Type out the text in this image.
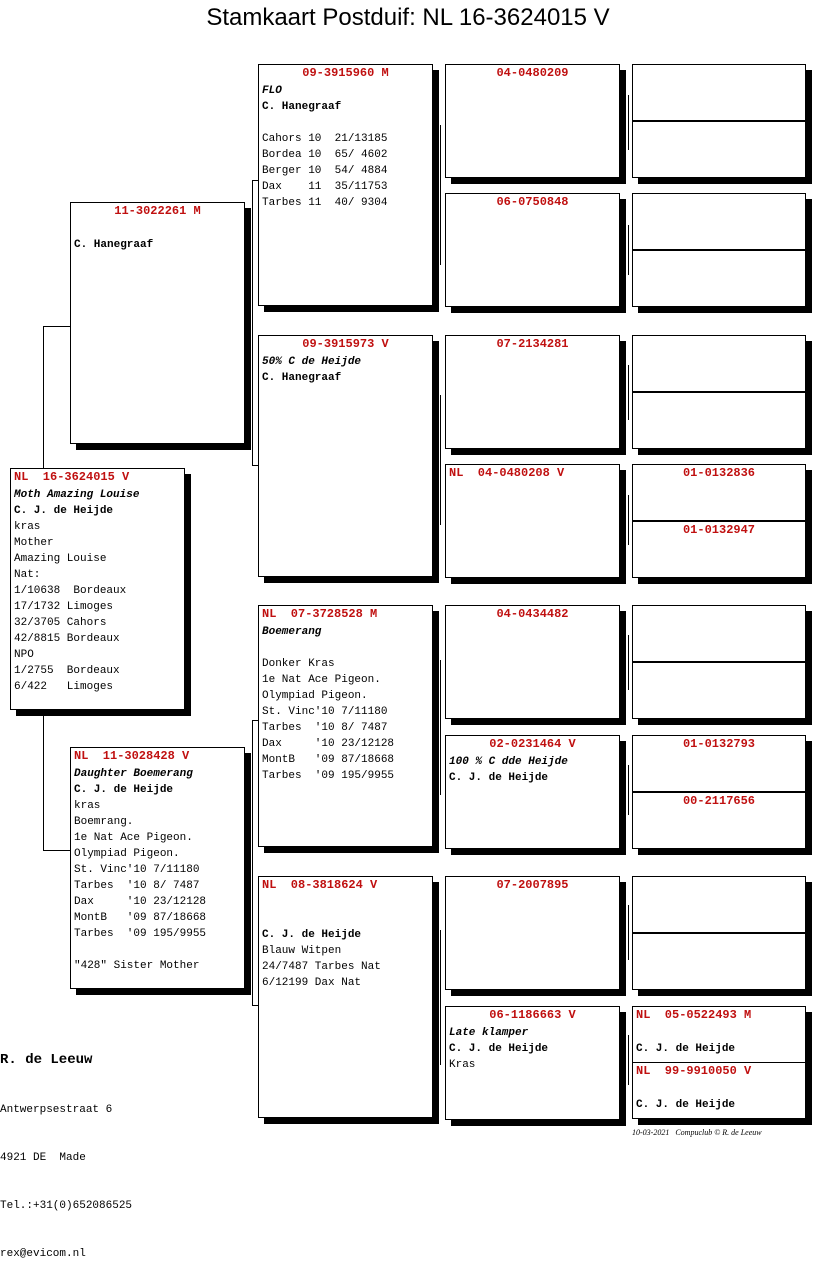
Stamkaart Postduif: NL 16-3624015 V
NL  16-3624015 V
Moth Amazing Louise
C. J. de Heijde
kras
Mother
Amazing Louise
Nat:
1/10638  Bordeaux
17/1732 Limoges
32/3705 Cahors
42/8815 Bordeaux
NPO
1/2755  Bordeaux
6/422   Limoges
11-3022261 M

C. Hanegraaf
NL  11-3028428 V
Daughter Boemerang
C. J. de Heijde
kras
Boemrang.
1e Nat Ace Pigeon.
Olympiad Pigeon.
St. Vinc'10 7/11180
Tarbes  '10 8/ 7487
Dax     '10 23/12128
MontB   '09 87/18668
Tarbes  '09 195/9955

"428" Sister Mother
09-3915960 M
FLO
C. Hanegraaf

Cahors 10  21/13185
Bordea 10  65/ 4602
Berger 10  54/ 4884
Dax    11  35/11753
Tarbes 11  40/ 9304
09-3915973 V
50% C de Heijde
C. Hanegraaf
NL  07-3728528 M
Boemerang

Donker Kras
1e Nat Ace Pigeon.
Olympiad Pigeon.
St. Vinc'10 7/11180
Tarbes  '10 8/ 7487
Dax     '10 23/12128
MontB   '09 87/18668
Tarbes  '09 195/9955
NL  08-3818624 V

C. J. de Heijde
Blauw Witpen
24/7487 Tarbes Nat
6/12199 Dax Nat
04-0480209
06-0750848
07-2134281
NL  04-0480208 V
04-0434482
02-0231464 V
100 % C dde Heijde
C. J. de Heijde
07-2007895
06-1186663 V
Late klamper
C. J. de Heijde
Kras
01-0132836
01-0132947
01-0132793
00-2117656
NL  05-0522493 M

C. J. de Heijde
NL  99-9910050 V

C. J. de Heijde

R. de Leeuw

Antwerpsestraat 6

4921 DE  Made

Tel.:+31(0)652086525

rex@evicom.nl

10-03-2021 Compuclub © R. de Leeuw
